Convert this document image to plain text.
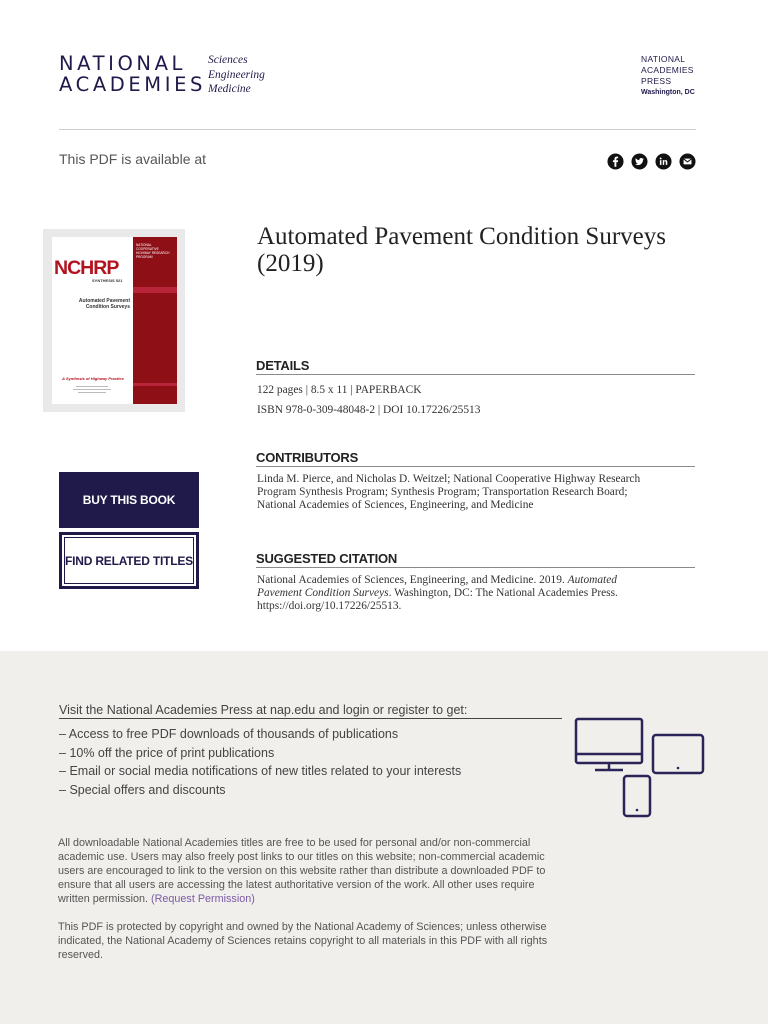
NATIONAL
ACADEMIES
Sciences
Engineering
Medicine
NATIONAL
ACADEMIES
PRESS
Washington, DC
This PDF is available at
NATIONAL COOPERATIVE HIGHWAY RESEARCH PROGRAM
NCHRP
SYNTHESIS 521
Automated Pavement Condition Surveys
A Synthesis of Highway Practice
Automated Pavement Condition Surveys (2019)
DETAILS
122 pages | 8.5 x 11 | PAPERBACK
ISBN 978-0-309-48048-2 | DOI 10.17226/25513
CONTRIBUTORS
Linda M. Pierce, and Nicholas D. Weitzel; National Cooperative Highway Research Program Synthesis Program; Synthesis Program; Transportation Research Board; National Academies of Sciences, Engineering, and Medicine
SUGGESTED CITATION
National Academies of Sciences, Engineering, and Medicine. 2019. Automated Pavement Condition Surveys. Washington, DC: The National Academies Press. https://doi.org/10.17226/25513.
BUY THIS BOOK
FIND RELATED TITLES
Visit the National Academies Press at nap.edu and login or register to get:
– Access to free PDF downloads of thousands of publications
– 10% off the price of print publications
– Email or social media notifications of new titles related to your interests
– Special offers and discounts
All downloadable National Academies titles are free to be used for personal and/or non-commercial academic use. Users may also freely post links to our titles on this website; non-commercial academic users are encouraged to link to the version on this website rather than distribute a downloaded PDF to ensure that all users are accessing the latest authoritative version of the work. All other uses require written permission. (Request Permission)
This PDF is protected by copyright and owned by the National Academy of Sciences; unless otherwise indicated, the National Academy of Sciences retains copyright to all materials in this PDF with all rights reserved.
